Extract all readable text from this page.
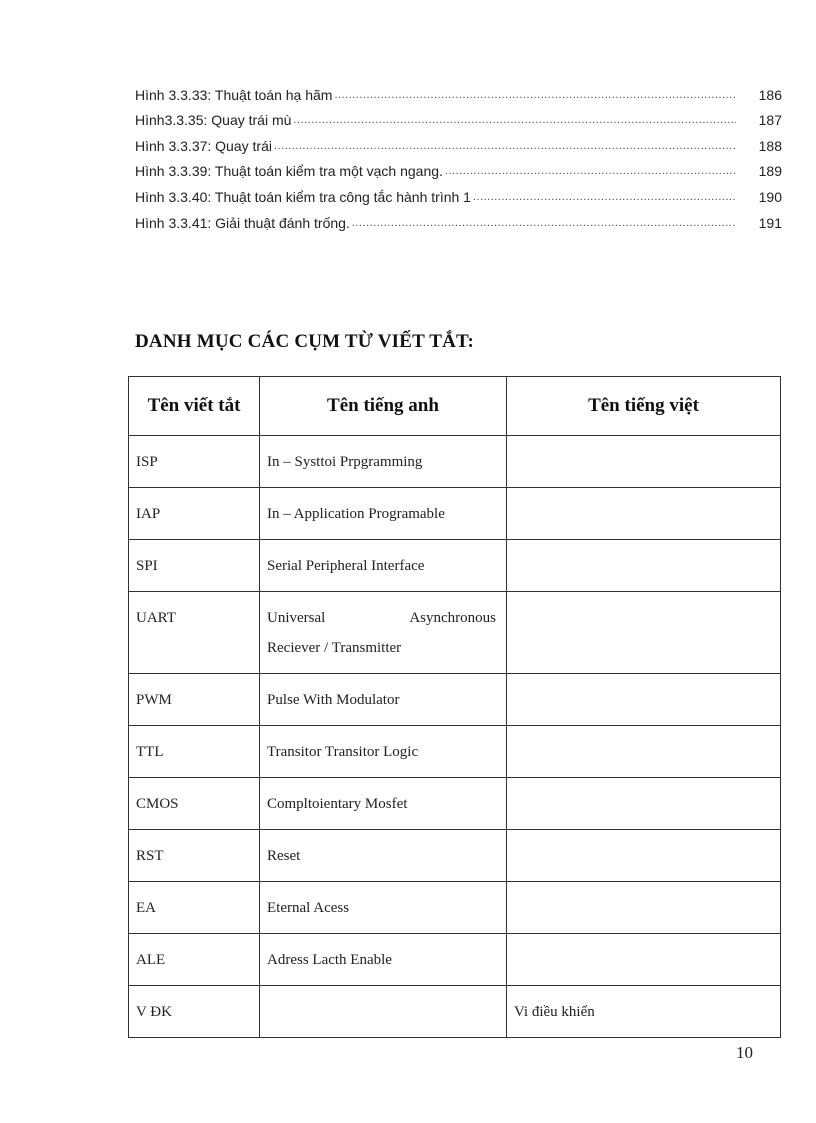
Hình 3.3.33: Thuật toán hạ hãm .....	186
Hình3.3.35: Quay trái mù .....	187
Hình 3.3.37: Quay trái .....	188
Hình 3.3.39: Thuật toán kiểm tra một vạch ngang. .....	189
Hình 3.3.40: Thuật toán kiểm tra công tắc hành trình 1 .....	190
Hình 3.3.41: Giải thuật đánh trống. .....	191
DANH MỤC CÁC CỤM TỪ VIẾT TẮT:
Tên viết tắt	Tên tiếng anh	Tên tiếng việt

ISP	In – Systtoi Prpgramming	

IAP	In – Application Programable	

SPI	Serial Peripheral Interface	

UART	Universal Asynchronous
Reciever / Transmitter	

PWM	Pulse With Modulator	

TTL	Transitor Transitor Logic	

CMOS	Compltoientary Mosfet	

RST	Reset	

EA	Eternal Acess	

ALE	Adress Lacth Enable	

V ĐK		Vi điều khiển
10
